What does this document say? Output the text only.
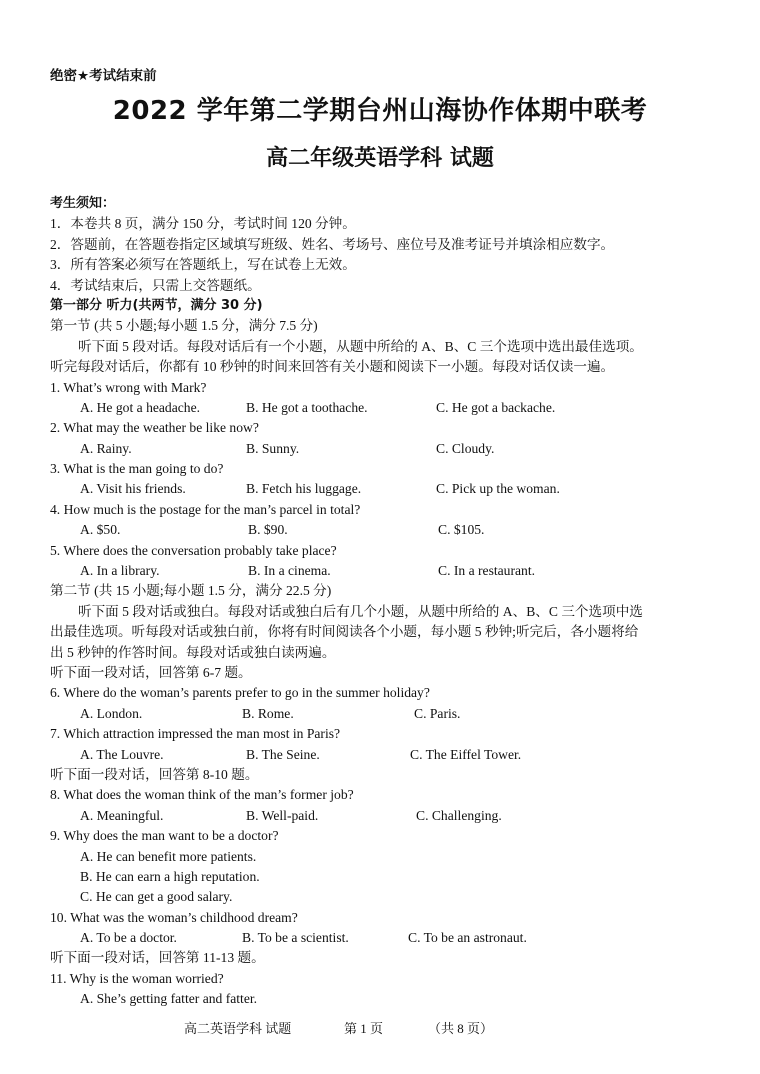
绝密★考试结束前
2022 学年第二学期台州山海协作体期中联考
高二年级英语学科 试题
考生须知：
1．本卷共 8 页，满分 150 分，考试时间 120 分钟。
2．答题前，在答题卷指定区域填写班级、姓名、考场号、座位号及准考证号并填涂相应数字。
3．所有答案必须写在答题纸上，写在试卷上无效。
4．考试结束后，只需上交答题纸。
第一部分 听力(共两节，满分 30 分)
第一节 (共 5 小题;每小题 1.5 分，满分 7.5 分)
听下面 5 段对话。每段对话后有一个小题，从题中所给的 A、B、C 三个选项中选出最佳选项。
听完每段对话后，你都有 10 秒钟的时间来回答有关小题和阅读下一小题。每段对话仅读一遍。
1. What’s wrong with Mark?
A. He got a headache.	B. He got a toothache.	C. He got a backache.
2. What may the weather be like now?
A. Rainy.	B. Sunny.	C. Cloudy.
3. What is the man going to do?
A. Visit his friends.	B. Fetch his luggage.	C. Pick up the woman.
4. How much is the postage for the man’s parcel in total?
A. $50.	B. $90.	C. $105.
5. Where does the conversation probably take place?
A. In a library.	B. In a cinema.	C. In a restaurant.
第二节 (共 15 小题;每小题 1.5 分，满分 22.5 分)
听下面 5 段对话或独白。每段对话或独白后有几个小题，从题中所给的 A、B、C 三个选项中选
出最佳选项。听每段对话或独白前，你将有时间阅读各个小题，每小题 5 秒钟;听完后，各小题将给
出 5 秒钟的作答时间。每段对话或独白读两遍。
听下面一段对话，回答第 6-7 题。
6. Where do the woman’s parents prefer to go in the summer holiday?
A. London.	B. Rome.	C. Paris.
7. Which attraction impressed the man most in Paris?
A. The Louvre.	B. The Seine.	C. The Eiffel Tower.
听下面一段对话，回答第 8-10 题。
8. What does the woman think of the man’s former job?
A. Meaningful.	B. Well-paid.	C. Challenging.
9. Why does the man want to be a doctor?
A. He can benefit more patients.
B. He can earn a high reputation.
C. He can get a good salary.
10. What was the woman’s childhood dream?
A. To be a doctor.	B. To be a scientist.	C. To be an astronaut.
听下面一段对话，回答第 11-13 题。
11. Why is the woman worried?
A. She’s getting fatter and fatter.
高二英语学科 试题	第 1 页	（共 8 页）
